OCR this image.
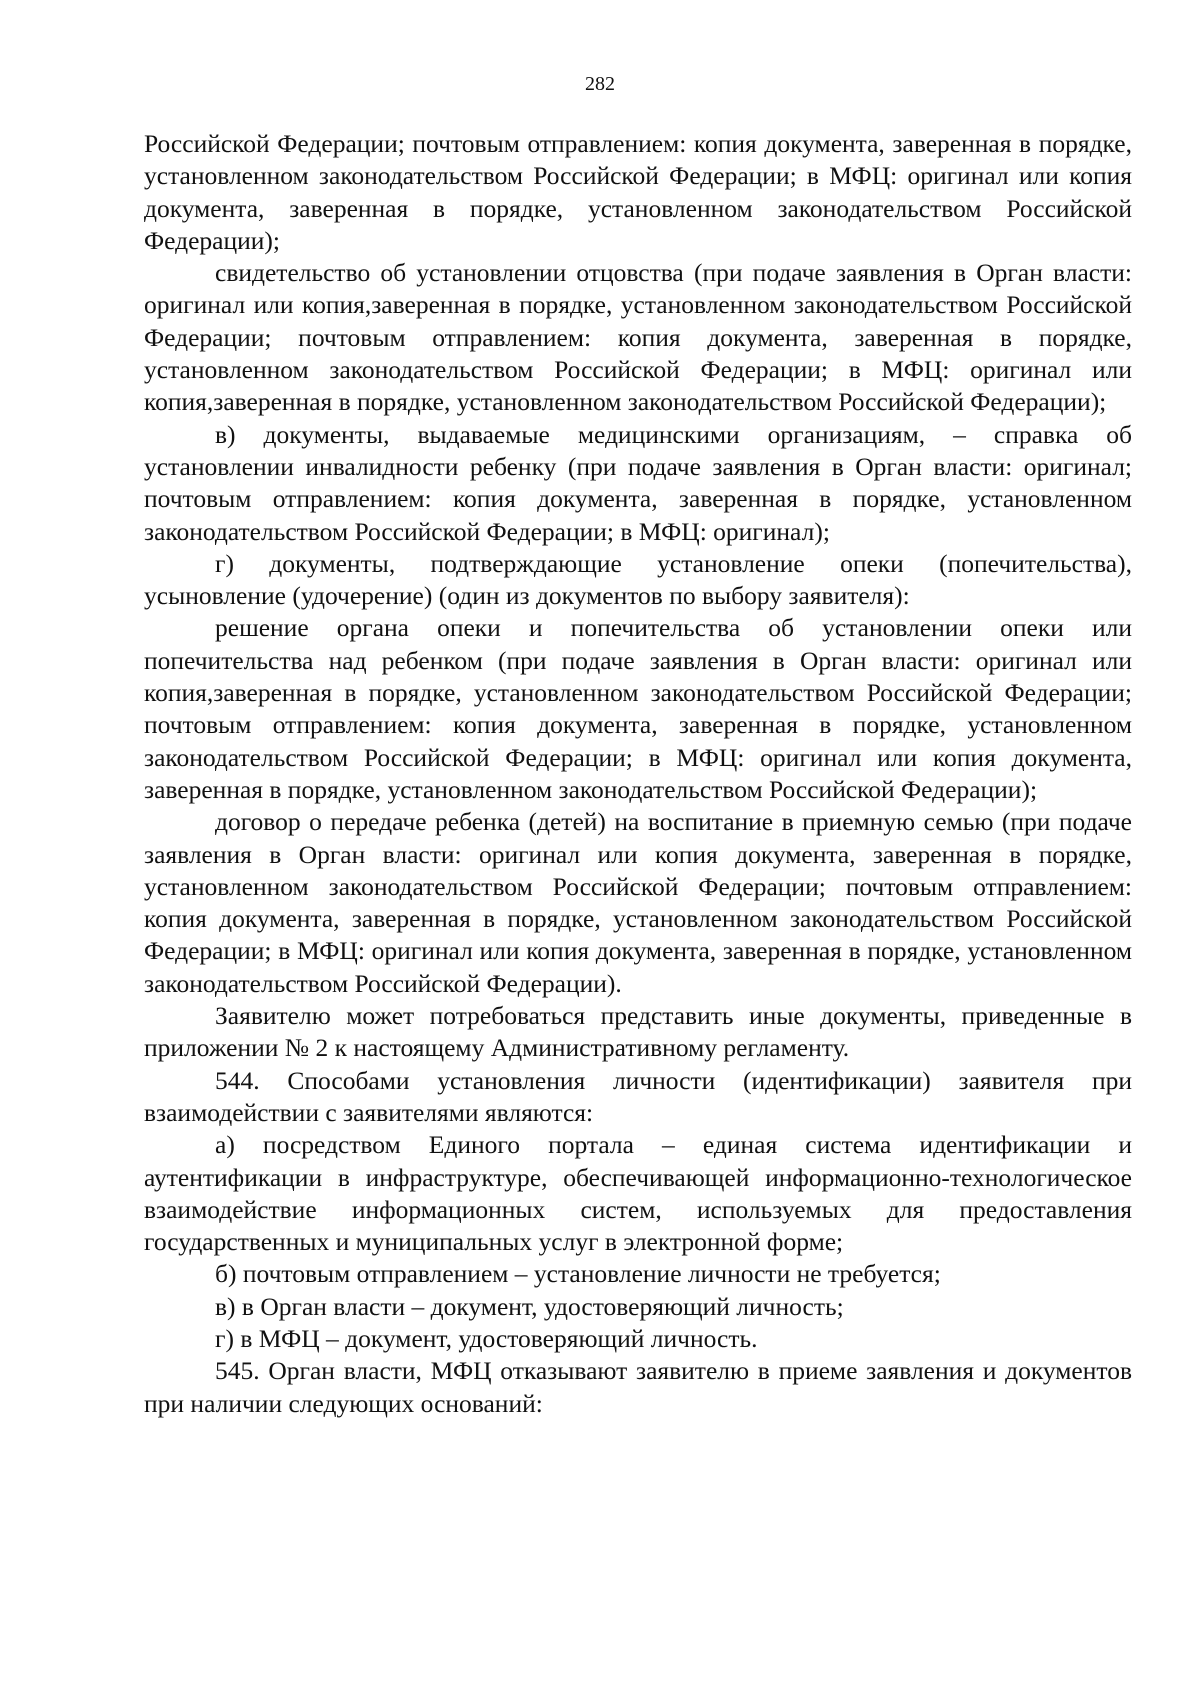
282

Российской Федерации; почтовым отправлением: копия документа, заверенная в порядке, установленном законодательством Российской Федерации; в МФЦ: оригинал или копия документа, заверенная в порядке, установленном законодательством Российской Федерации);

свидетельство об установлении отцовства (при подаче заявления в Орган власти: оригинал или копия,заверенная в порядке, установленном законодательством Российской Федерации; почтовым отправлением: копия документа, заверенная в порядке, установленном законодательством Российской Федерации; в МФЦ: оригинал или копия,заверенная в порядке, установленном законодательством Российской Федерации);

в) документы, выдаваемые медицинскими организациям, – справка об установлении инвалидности ребенку (при подаче заявления в Орган власти: оригинал; почтовым отправлением: копия документа, заверенная в порядке, установленном законодательством Российской Федерации; в МФЦ: оригинал);

г) документы, подтверждающие установление опеки (попечительства), усыновление (удочерение) (один из документов по выбору заявителя):

решение органа опеки и попечительства об установлении опеки или попечительства над ребенком (при подаче заявления в Орган власти: оригинал или копия,заверенная в порядке, установленном законодательством Российской Федерации; почтовым отправлением: копия документа, заверенная в порядке, установленном законодательством Российской Федерации; в МФЦ: оригинал или копия документа, заверенная в порядке, установленном законодательством Российской Федерации);

договор о передаче ребенка (детей) на воспитание в приемную семью (при подаче заявления в Орган власти: оригинал или копия документа, заверенная в порядке, установленном законодательством Российской Федерации; почтовым отправлением: копия документа, заверенная в порядке, установленном законодательством Российской Федерации; в МФЦ: оригинал или копия документа, заверенная в порядке, установленном законодательством Российской Федерации).

Заявителю может потребоваться представить иные документы, приведенные в приложении № 2 к настоящему Административному регламенту.

544. Способами установления личности (идентификации) заявителя при взаимодействии с заявителями являются:

а) посредством Единого портала – единая система идентификации и аутентификации в инфраструктуре, обеспечивающей информационно-технологическое взаимодействие информационных систем, используемых для предоставления государственных и муниципальных услуг в электронной форме;

б) почтовым отправлением – установление личности не требуется;

в) в Орган власти – документ, удостоверяющий личность;

г) в МФЦ – документ, удостоверяющий личность.

545. Орган власти, МФЦ отказывают заявителю в приеме заявления и документов при наличии следующих оснований:
